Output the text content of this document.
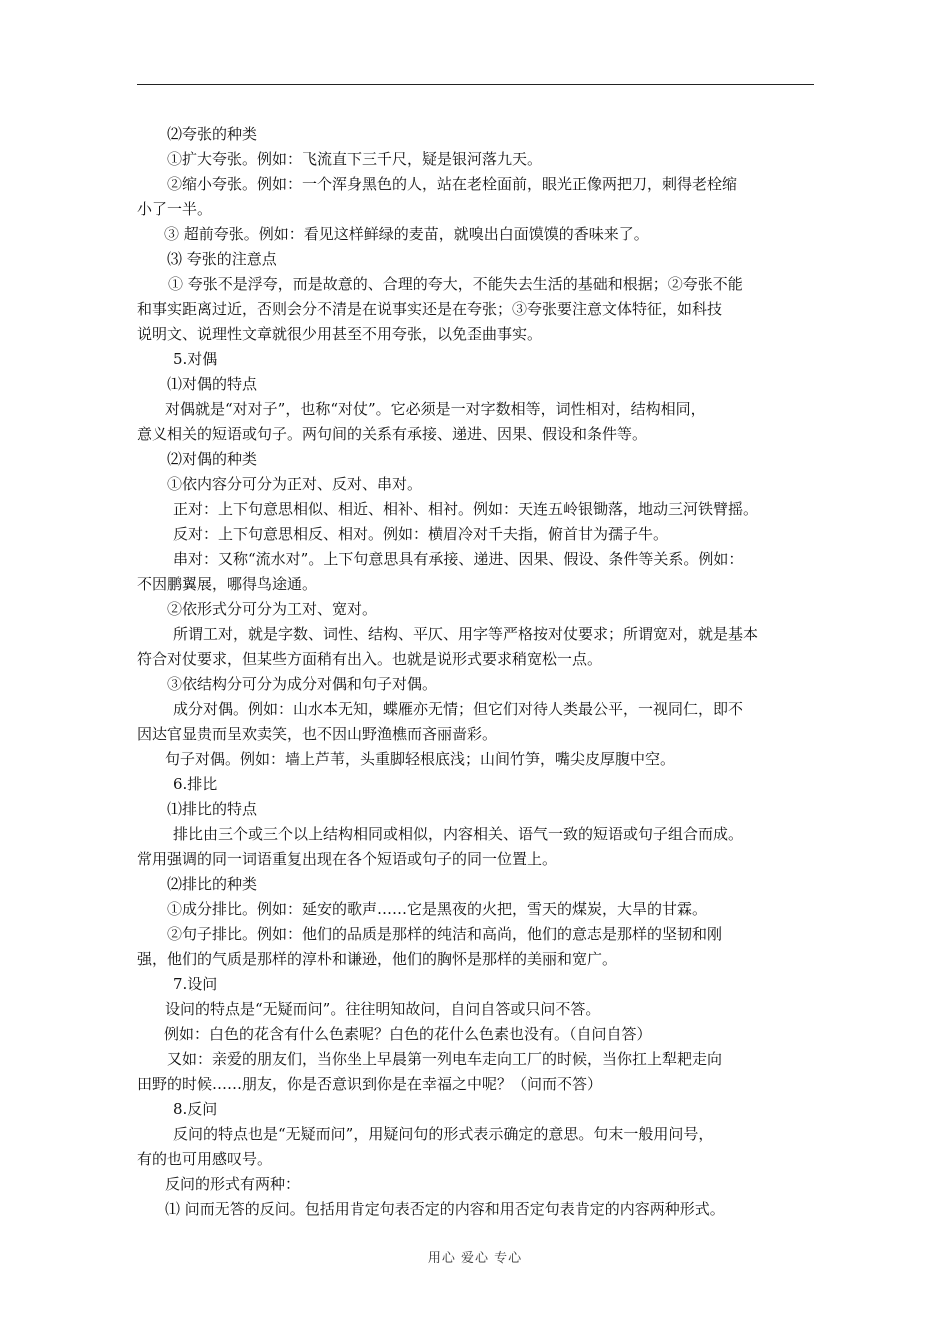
⑵夸张的种类
①扩大夸张。例如：飞流直下三千尺，疑是银河落九天。
②缩小夸张。例如：一个浑身黑色的人，站在老栓面前，眼光正像两把刀，刺得老栓缩
小了一半。
③ 超前夸张。例如：看见这样鲜绿的麦苗，就嗅出白面馍馍的香味来了。
⑶ 夸张的注意点
① 夸张不是浮夸，而是故意的、合理的夸大，不能失去生活的基础和根据；②夸张不能
和事实距离过近，否则会分不清是在说事实还是在夸张；③夸张要注意文体特征，如科技
说明文、说理性文章就很少用甚至不用夸张，以免歪曲事实。
5.对偶
⑴对偶的特点
对偶就是“对对子”，也称“对仗”。它必须是一对字数相等，词性相对，结构相同，
意义相关的短语或句子。两句间的关系有承接、递进、因果、假设和条件等。
⑵对偶的种类
①依内容分可分为正对、反对、串对。
正对：上下句意思相似、相近、相补、相衬。例如：天连五岭银锄落，地动三河铁臂摇。
反对：上下句意思相反、相对。例如：横眉冷对千夫指，俯首甘为孺子牛。
串对：又称“流水对”。上下句意思具有承接、递进、因果、假设、条件等关系。例如：
不因鹏翼展，哪得鸟途通。
②依形式分可分为工对、宽对。
所谓工对，就是字数、词性、结构、平仄、用字等严格按对仗要求；所谓宽对，就是基本
符合对仗要求，但某些方面稍有出入。也就是说形式要求稍宽松一点。
③依结构分可分为成分对偶和句子对偶。
成分对偶。例如：山水本无知，蝶雁亦无情；但它们对待人类最公平，一视同仁，即不
因达官显贵而呈欢卖笑，也不因山野渔樵而吝丽啬彩。
句子对偶。例如：墙上芦苇，头重脚轻根底浅；山间竹笋，嘴尖皮厚腹中空。
6.排比
⑴排比的特点
排比由三个或三个以上结构相同或相似，内容相关、语气一致的短语或句子组合而成。
常用强调的同一词语重复出现在各个短语或句子的同一位置上。
⑵排比的种类
①成分排比。例如：延安的歌声……它是黑夜的火把，雪天的煤炭，大旱的甘霖。
②句子排比。例如：他们的品质是那样的纯洁和高尚，他们的意志是那样的坚韧和刚
强，他们的气质是那样的淳朴和谦逊，他们的胸怀是那样的美丽和宽广。
7.设问
设问的特点是“无疑而问”。往往明知故问，自问自答或只问不答。
例如：白色的花含有什么色素呢？白色的花什么色素也没有。（自问自答）
又如：亲爱的朋友们，当你坐上早晨第一列电车走向工厂的时候，当你扛上犁耙走向
田野的时候……朋友，你是否意识到你是在幸福之中呢？（问而不答）
8.反问
反问的特点也是“无疑而问”，用疑问句的形式表示确定的意思。句末一般用问号，
有的也可用感叹号。
反问的形式有两种：
⑴ 问而无答的反问。包括用肯定句表否定的内容和用否定句表肯定的内容两种形式。
用心 爱心 专心
